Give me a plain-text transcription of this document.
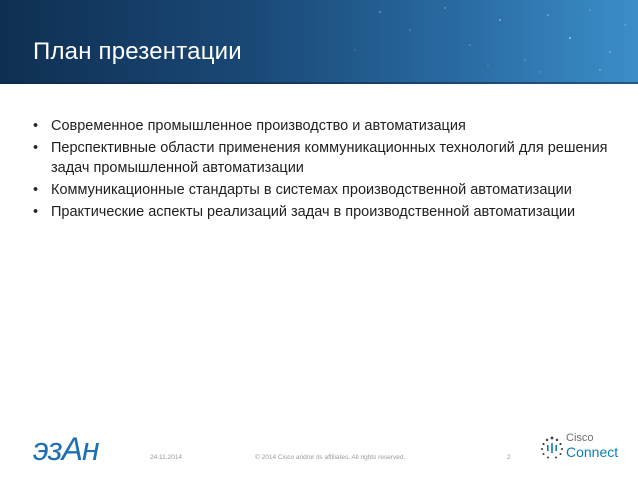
План презентации
• Современное промышленное производство и автоматизация
• Перспективные области применения коммуникационных технологий для решения задач промышленной автоматизации
• Коммуникационные стандарты в системах производственной автоматизации
• Практические аспекты реализаций задач в производственной автоматизации
эзАн	24.11.2014	© 2014 Cisco and/or its affiliates. All rights reserved.	2
Cisco
Connect
